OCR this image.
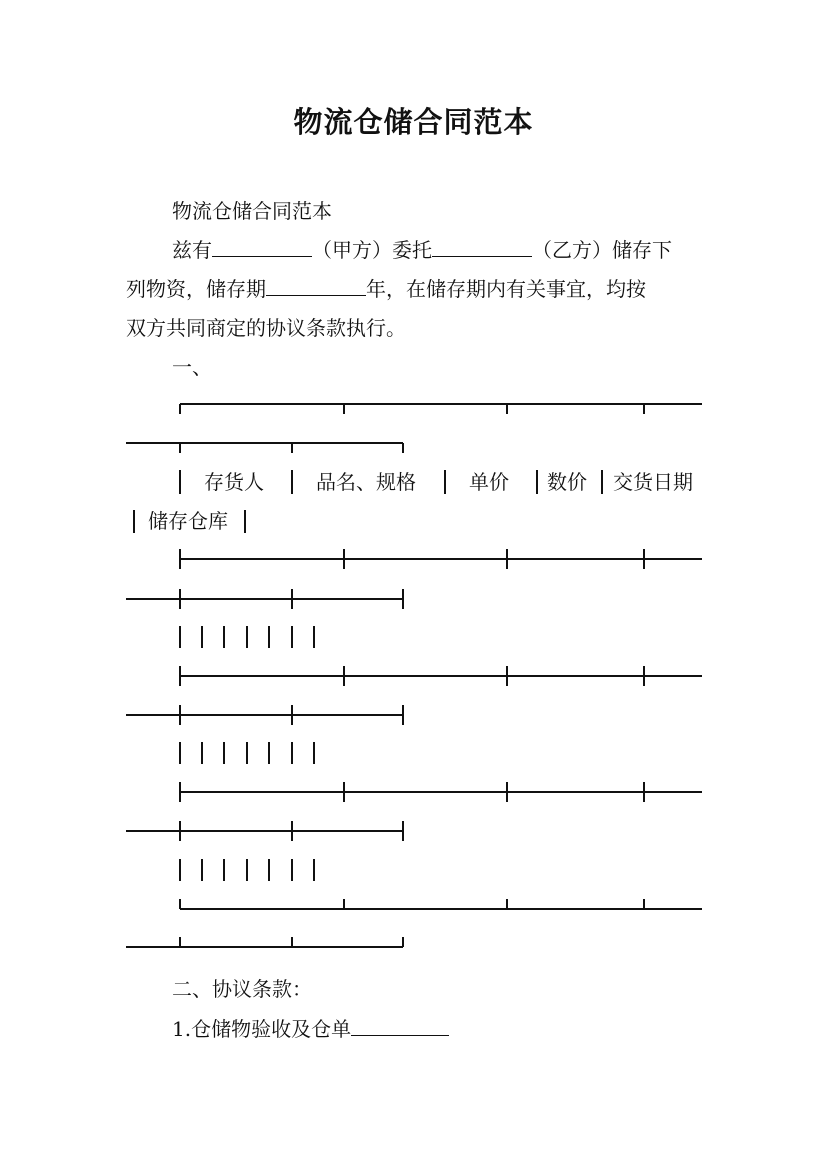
物流仓储合同范本
物流仓储合同范本
兹有	（甲方）委托	（乙方）储存下
列物资，储存期	年，在储存期内有关事宜，均按
双方共同商定的协议条款执行。
一、
存货人	品名、规格	单价 数价 交货日期
储存仓库
二、协议条款：
1.仓储物验收及仓单
